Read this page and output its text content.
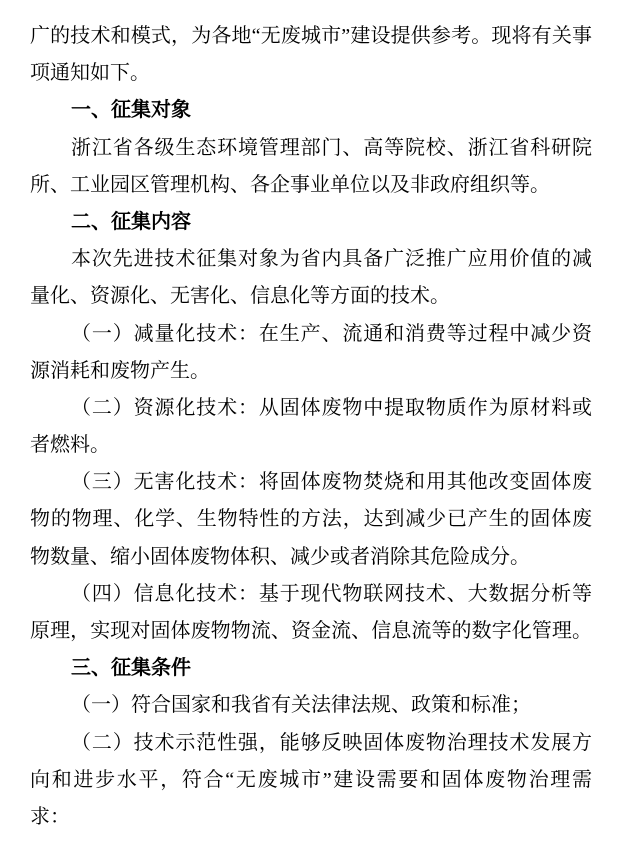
广的技术和模式，为各地“无废城市”建设提供参考。现将有关事
项通知如下。
一、征集对象
浙江省各级生态环境管理部门、高等院校、浙江省科研院
所、工业园区管理机构、各企事业单位以及非政府组织等。
二、征集内容
本次先进技术征集对象为省内具备广泛推广应用价值的减
量化、资源化、无害化、信息化等方面的技术。
（一）减量化技术：在生产、流通和消费等过程中减少资
源消耗和废物产生。
（二）资源化技术：从固体废物中提取物质作为原材料或
者燃料。
（三）无害化技术：将固体废物焚烧和用其他改变固体废
物的物理、化学、生物特性的方法，达到减少已产生的固体废
物数量、缩小固体废物体积、减少或者消除其危险成分。
（四）信息化技术：基于现代物联网技术、大数据分析等
原理，实现对固体废物物流、资金流、信息流等的数字化管理。
三、征集条件
（一）符合国家和我省有关法律法规、政策和标准；
（二）技术示范性强，能够反映固体废物治理技术发展方
向和进步水平，符合“无废城市”建设需要和固体废物治理需
求：
